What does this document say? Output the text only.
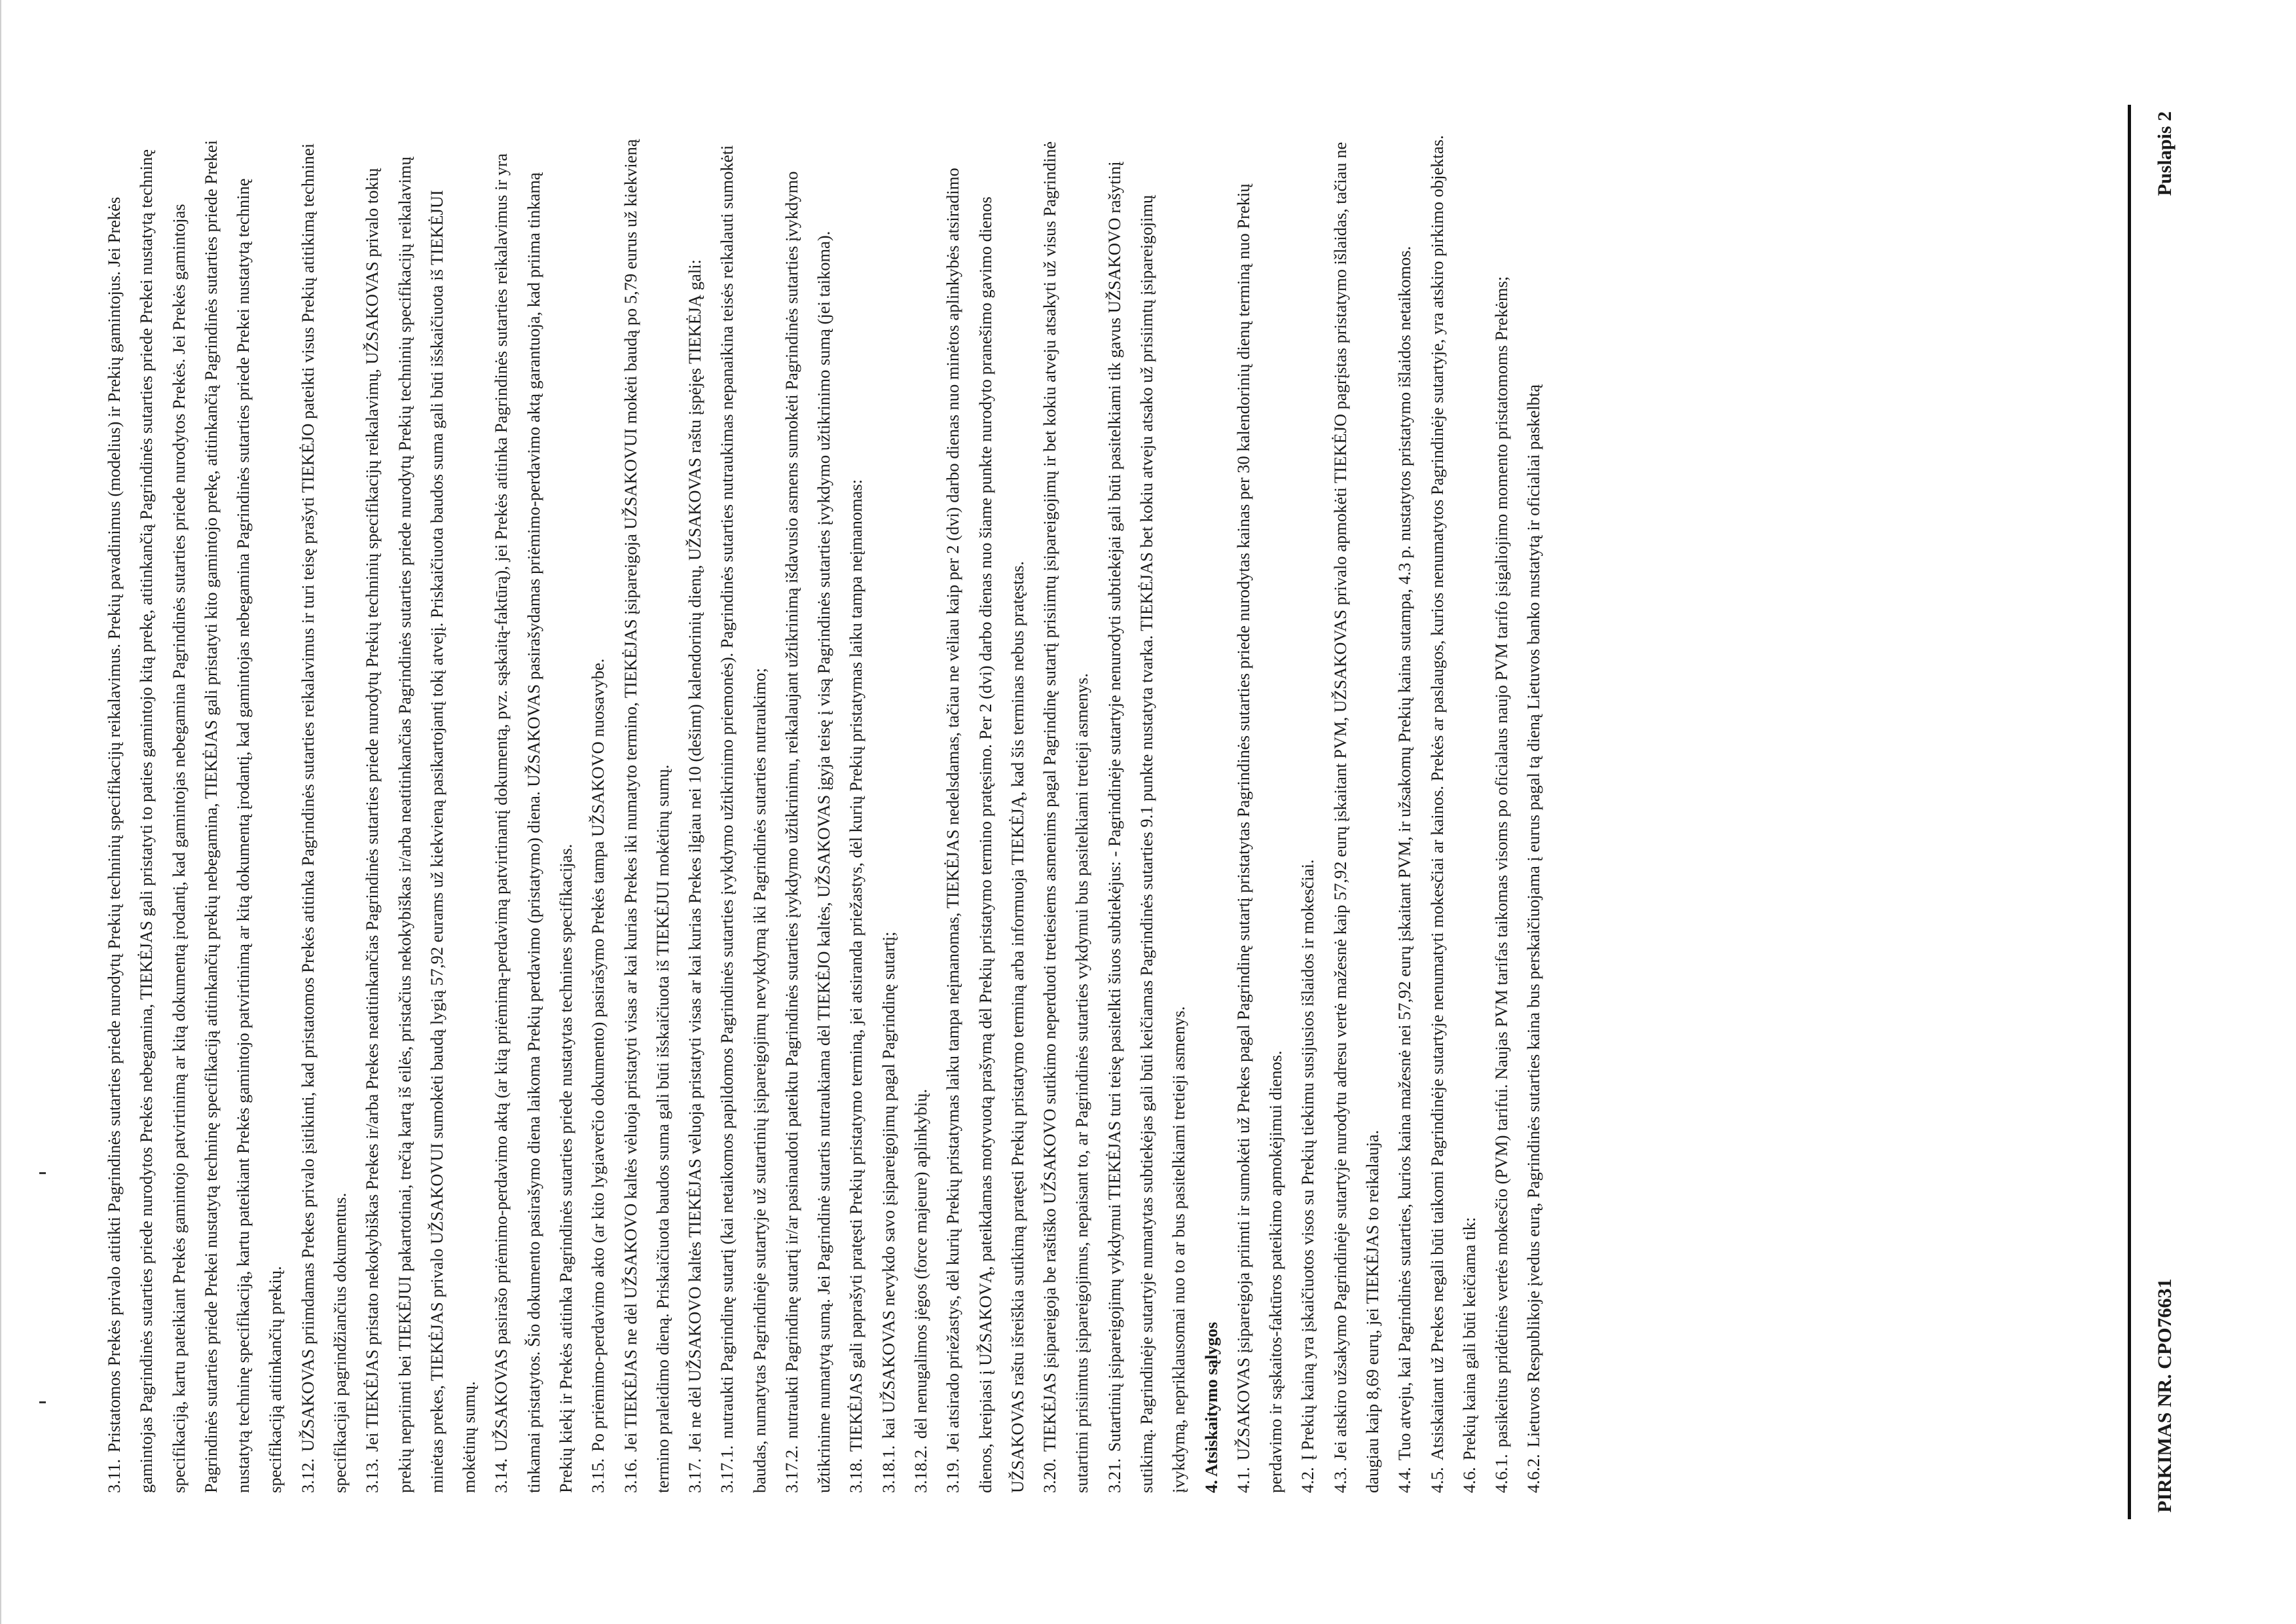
PIRKIMAS NR. CPO76631
Puslapis 2

3.11.Pristatomos Prekės privalo atitikti Pagrindinės sutarties priede nurodytų Prekių techninių specifikacijų reikalavimus. Prekių pavadinimus (modelius) ir Prekių gamintojus. Jei Prekės gamintojas Pagrindinės sutarties priede nurodytos Prekės nebegamina, TIEKĖJAS gali pristatyti to paties gamintojo kitą prekę, atitinkančią Pagrindinės sutarties priede Prekei nustatytą techninę specifikaciją, kartu pateikiant Prekės gamintojo patvirtinimą ar kitą dokumentą įrodantį, kad gamintojas nebegamina Pagrindinės sutarties priede nurodytos Prekės. Jei Prekės gamintojas Pagrindinės sutarties priede Prekei nustatytą techninę specifikaciją atitinkančių prekių nebegamina, TIEKĖJAS gali pristatyti kito gamintojo prekę, atitinkančią Pagrindinės sutarties priede Prekei nustatytą techninę specifikaciją, kartu pateikiant Prekės gamintojo patvirtinimą ar kitą dokumentą įrodantį, kad gamintojas nebegamina Pagrindinės sutarties priede Prekei nustatytą techninę specifikaciją atitinkančių prekių. 3.12.UŽSAKOVAS priimdamas Prekes privalo įsitikinti, kad pristatomos Prekės atitinka Pagrindinės sutarties reikalavimus ir turi teisę prašyti TIEKĖJO pateikti visus Prekių atitikimą techninei specifikacijai pagrindžiančius dokumentus. 3.13.Jei TIEKĖJAS pristato nekokybiškas Prekes ir/arba Prekes neatitinkančias Pagrindinės sutarties priede nurodytų Prekių techninių specifikacijų reikalavimų, UŽSAKOVAS privalo tokių prekių nepriimti bei TIEKĖJUI pakartotinai, trečią kartą iš eilės, pristačius nekokybiškas ir/arba neatitinkančias Pagrindinės sutarties priede nurodytų Prekių techninių specifikacijų reikalavimų minėtas prekes, TIEKĖJAS privalo UŽSAKOVUI sumokėti baudą lygią 57,92 eurams už kiekvieną pasikartojantį tokį atvejį. Priskaičiuota baudos suma gali būti išskaičiuota iš TIEKĖJUI mokėtinų sumų. 3.14.UŽSAKOVAS pasirašo priėmimo-perdavimo aktą (ar kitą priėmimą-perdavimą patvirtinantį dokumentą, pvz. sąskaitą-faktūrą), jei Prekės atitinka Pagrindinės sutarties reikalavimus ir yra tinkamai pristatytos. Šio dokumento pasirašymo diena laikoma Prekių perdavimo (pristatymo) diena. UŽSAKOVAS pasirašydamas priėmimo-perdavimo aktą garantuoja, kad priima tinkamą Prekių kiekį ir Prekės atitinka Pagrindinės sutarties priede nustatytas technines specifikacijas. 3.15.Po priėmimo-perdavimo akto (ar kito lygiaverčio dokumento) pasirašymo Prekės tampa UŽSAKOVO nuosavybe.

3.16.Jei TIEKĖJAS ne dėl UŽSAKOVO kaltės vėluoja pristatyti visas ar kai kurias Prekes iki numatyto termino, TIEKĖJAS įsipareigoja UŽSAKOVUI mokėti baudą po 5,79 eurus už kiekvieną termino praleidimo dieną. Priskaičiuota baudos suma gali būti išskaičiuota iš TIEKĖJUI mokėtinų sumų. 3.17.Jei ne dėl UŽSAKOVO kaltės TIEKĖJAS vėluoja pristatyti visas ar kai kurias Prekes ilgiau nei 10 (dešimt) kalendorinių dienų, UŽSAKOVAS raštu įspėjęs TIEKĖJĄ gali:

3.17.1.nutraukti Pagrindinę sutartį (kai netaikomos papildomos Pagrindinės sutarties įvykdymo užtikrinimo priemonės). Pagrindinės sutarties nutraukimas nepanaikina teisės reikalauti sumokėti baudas, numatytas Pagrindinėje sutartyje už sutartinių įsipareigojimų nevykdymą iki Pagrindinės sutarties nutraukimo; 3.17.2.nutraukti Pagrindinę sutartį ir/ar pasinaudoti pateiktu Pagrindinės sutarties įvykdymo užtikrinimu, reikalaujant užtikrinimą išdavusio asmens sumokėti Pagrindinės sutarties įvykdymo užtikrinime numatytą sumą. Jei Pagrindinė sutartis nutraukiama dėl TIEKĖJO kaltės, UŽSAKOVAS įgyja teisę į visą Pagrindinės sutarties įvykdymo užtikrinimo sumą (jei taikoma). 3.18.TIEKĖJAS gali paprašyti pratęsti Prekių pristatymo terminą, jei atsiranda priežastys, dėl kurių Prekių pristatymas laiku tampa neįmanomas:

3.18.1.kai UŽSAKOVAS nevykdo savo įsipareigojimų pagal Pagrindinę sutartį;

3.18.2.dėl nenugalimos jėgos (force majeure) aplinkybių.

3.19.Jei atsirado priežastys, dėl kurių Prekių pristatymas laiku tampa neįmanomas, TIEKĖJAS nedelsdamas, tačiau ne vėliau kaip per 2 (dvi) darbo dienas nuo minėtos aplinkybės atsiradimo dienos, kreipiasi į UŽSAKOVĄ, pateikdamas motyvuotą prašymą dėl Prekių pristatymo termino pratęsimo. Per 2 (dvi) darbo dienas nuo šiame punkte nurodyto pranešimo gavimo dienos UŽSAKOVAS raštu išreiškia sutikimą pratęsti Prekių pristatymo terminą arba informuoja TIEKĖJĄ, kad šis terminas nebus pratęstas. 3.20.TIEKĖJAS įsipareigoja be raštiško UŽSAKOVO sutikimo neperduoti tretiesiems asmenims pagal Pagrindinę sutartį prisiimtų įsipareigojimų ir bet kokiu atveju atsakyti už visus Pagrindinė sutartimi prisiimtus įsipareigojimus, nepaisant to, ar Pagrindinės sutarties vykdymui bus pasitelkiami tretieji asmenys. 3.21.Sutartinių įsipareigojimų vykdymui TIEKĖJAS turi teisę pasitelkti šiuos subtiekėjus: - Pagrindinėje sutartyje nenurodyti subtiekėjai gali būti pasitelkiami tik gavus UŽSAKOVO rašytinį sutikimą. Pagrindinėje sutartyje numatytas subtiekėjas gali būti keičiamas Pagrindinės sutarties 9.1 punkte nustatyta tvarka. TIEKĖJAS bet kokiu atveju atsako už prisiimtų įsipareigojimų įvykdymą, nepriklausomai nuo to ar bus pasitelkiami tretieji asmenys. 4. Atsiskaitymo sąlygos 4.1.UŽSAKOVAS įsipareigoja priimti ir sumokėti už Prekes pagal Pagrindinę sutartį pristatytas Pagrindinės sutarties priede nurodytas kainas per 30 kalendorinių dienų terminą nuo Prekių perdavimo ir sąskaitos-faktūros pateikimo apmokėjimui dienos. 4.2.Į Prekių kainą yra įskaičiuotos visos su Prekių tiekimu susijusios išlaidos ir mokesčiai.

4.3.Jei atskiro užsakymo Pagrindinėje sutartyje nurodytu adresu vertė mažesnė kaip 57,92 eurų įskaitant PVM, UŽSAKOVAS privalo apmokėti TIEKĖJO pagrįstas pristatymo išlaidas, tačiau ne daugiau kaip 8,69 eurų, jei TIEKĖJAS to reikalauja. 4.4.Tuo atveju, kai Pagrindinės sutarties, kurios kaina mažesnė nei 57,92 eurų įskaitant PVM, ir užsakomų Prekių kaina sutampa, 4.3 p. nustatytos pristatymo išlaidos netaikomos.

4.5.Atsiskaitant už Prekes negali būti taikomi Pagrindinėje sutartyje nenumatyti mokesčiai ar kainos. Prekės ar paslaugos, kurios nenumatytos Pagrindinėje sutartyje, yra atskiro pirkimo objektas.

4.6.Prekių kaina gali būti keičiama tik:

4.6.1.pasikeitus pridėtinės vertės mokesčio (PVM) tarifui. Naujas PVM tarifas taikomas visoms po oficialaus naujo PVM tarifo įsigaliojimo momento pristatomoms Prekėms;

4.6.2.Lietuvos Respublikoje įvedus eurą, Pagrindinės sutarties kaina bus perskaičiuojama į eurus pagal tą dieną Lietuvos banko nustatytą ir oficialiai paskelbtą
